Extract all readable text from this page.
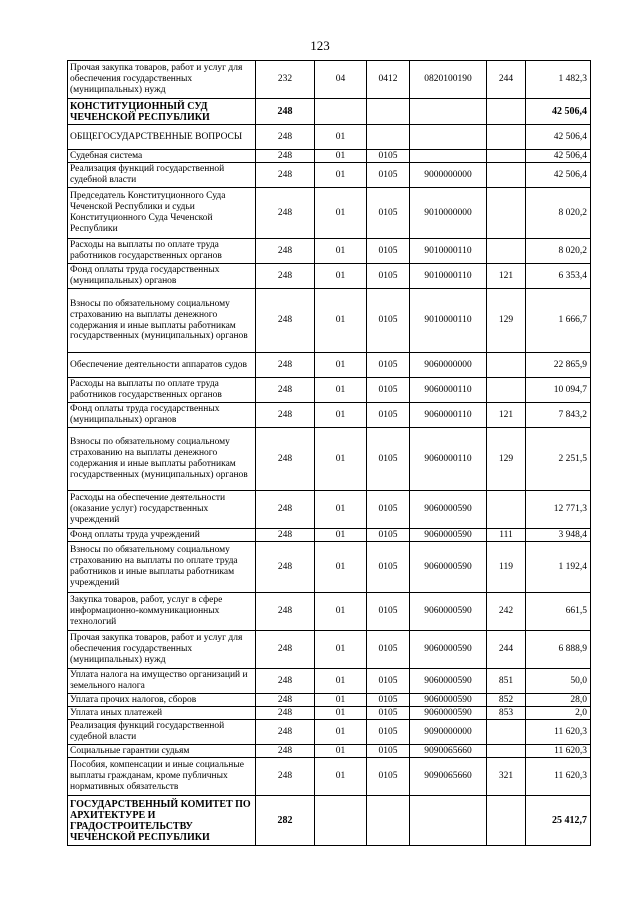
123
Прочая закупка товаров, работ и услуг для обеспечения государственных (муниципальных) нужд	232	04	0412	0820100190	244	1 482,3
КОНСТИТУЦИОННЫЙ СУД ЧЕЧЕНСКОЙ РЕСПУБЛИКИ	248					42 506,4
ОБЩЕГОСУДАРСТВЕННЫЕ ВОПРОСЫ	248	01				42 506,4
Судебная система	248	01	0105			42 506,4
Реализация функций государственной судебной власти	248	01	0105	9000000000		42 506,4
Председатель Конституционного Суда Чеченской Республики и судьи Конституционного Суда Чеченской Республики	248	01	0105	9010000000		8 020,2
Расходы на выплаты по оплате труда работников государственных органов	248	01	0105	9010000110		8 020,2
Фонд оплаты труда государственных (муниципальных) органов	248	01	0105	9010000110	121	6 353,4
Взносы по обязательному социальному страхованию на выплаты денежного содержания и иные выплаты работникам государственных (муниципальных) органов	248	01	0105	9010000110	129	1 666,7
Обеспечение деятельности аппаратов судов	248	01	0105	9060000000		22 865,9
Расходы на выплаты по оплате труда работников государственных органов	248	01	0105	9060000110		10 094,7
Фонд оплаты труда государственных (муниципальных) органов	248	01	0105	9060000110	121	7 843,2
Взносы по обязательному социальному страхованию на выплаты денежного содержания и иные выплаты работникам государственных (муниципальных) органов	248	01	0105	9060000110	129	2 251,5
Расходы на обеспечение деятельности (оказание услуг) государственных учреждений	248	01	0105	9060000590		12 771,3
Фонд оплаты труда учреждений	248	01	0105	9060000590	111	3 948,4
Взносы по обязательному социальному страхованию на выплаты по оплате труда работников и иные выплаты работникам учреждений	248	01	0105	9060000590	119	1 192,4
Закупка товаров, работ, услуг в сфере информационно-коммуникационных технологий	248	01	0105	9060000590	242	661,5
Прочая закупка товаров, работ и услуг для обеспечения государственных (муниципальных) нужд	248	01	0105	9060000590	244	6 888,9
Уплата налога на имущество организаций и земельного налога	248	01	0105	9060000590	851	50,0
Уплата прочих налогов, сборов	248	01	0105	9060000590	852	28,0
Уплата иных платежей	248	01	0105	9060000590	853	2,0
Реализация функций государственной судебной власти	248	01	0105	9090000000		11 620,3
Социальные гарантии судьям	248	01	0105	9090065660		11 620,3
Пособия, компенсации и иные социальные выплаты гражданам, кроме публичных нормативных обязательств	248	01	0105	9090065660	321	11 620,3
ГОСУДАРСТВЕННЫЙ КОМИТЕТ ПО АРХИТЕКТУРЕ И ГРАДОСТРОИТЕЛЬСТВУ ЧЕЧЕНСКОЙ РЕСПУБЛИКИ	282					25 412,7
